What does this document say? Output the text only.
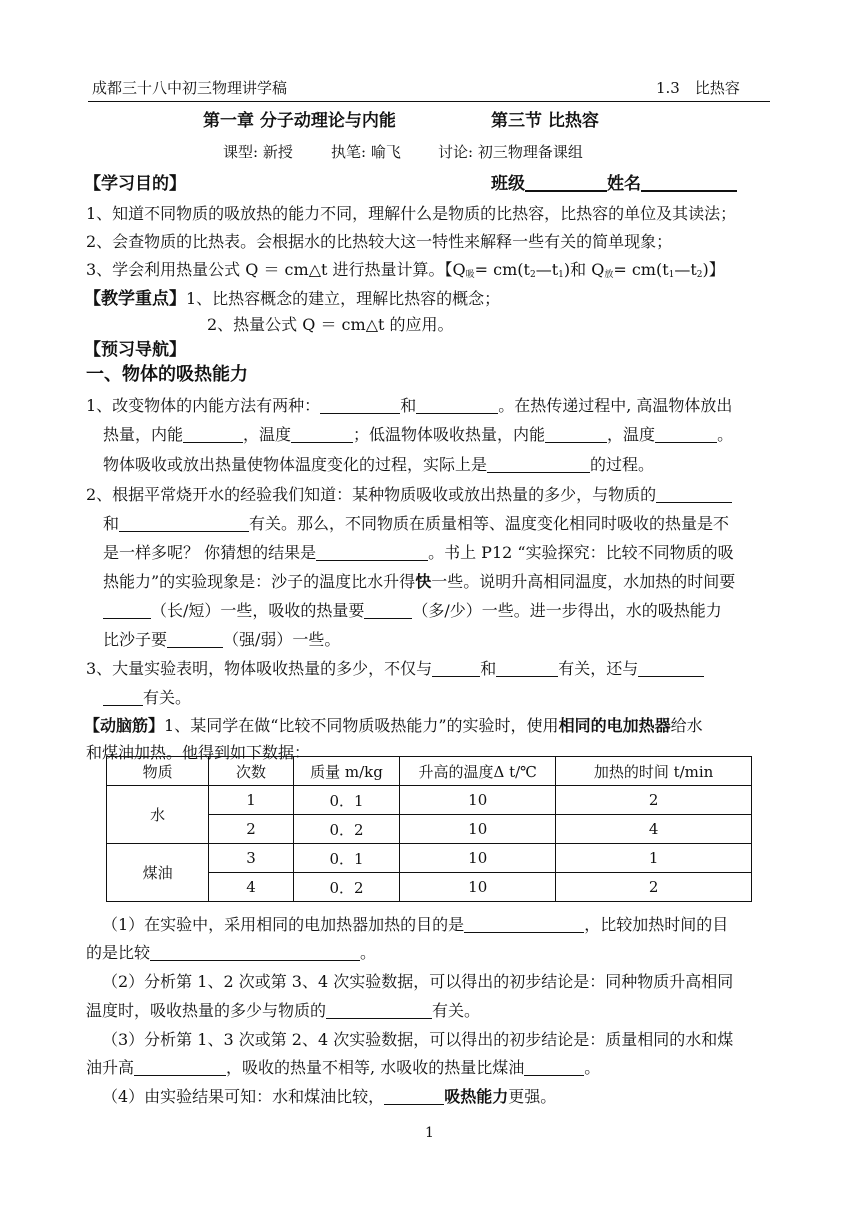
成都三十八中初三物理讲学稿	1.3　比热容
第一章 分子动理论与内能	第三节 比热容
课型: 新授	执笔: 喻飞 讨论: 初三物理备课组
【学习目的】	班级	姓名
1、知道不同物质的吸放热的能力不同，理解什么是物质的比热容，比热容的单位及其读法；
2、会查物质的比热表。会根据水的比热较大这一特性来解释一些有关的简单现象；
3、学会利用热量公式 Q ＝ cm△t 进行热量计算。【$Q_吸=$ $cm(t_2—t_1)$和 $Q_放=$ $cm(t_1—t_2)$】
【教学重点】1、比热容概念的建立，理解比热容的概念；
2、热量公式 Q ＝ cm△t 的应用。
【预习导航】
一、物体的吸热能力
1、改变物体的内能方法有两种：	和	。在热传递过程中, 高温物体放出
热量，内能	，温度	；低温物体吸收热量，内能	，温度	。
物体吸收或放出热量使物体温度变化的过程，实际上是	的过程。
2、根据平常烧开水的经验我们知道：某种物质吸收或放出热量的多少，与物质的
和	有关。那么，不同物质在质量相等、温度变化相同时吸收的热量是不
是一样多呢？ 你猜想的结果是	。书上 P12 “实验探究：比较不同物质的吸
热能力”的实验现象是：沙子的温度比水升得快一些。说明升高相同温度，水加热的时间要
（长/短）一些，吸收的热量要	（多/少）一些。进一步得出，水的吸热能力
比沙子要	（强/弱）一些。
3、大量实验表明，物体吸收热量的多少，不仅与	和	有关，还与
有关。
【动脑筋】1、某同学在做“比较不同物质吸热能力”的实验时，使用相同的电加热器给水
和煤油加热。他得到如下数据：
物质	次数	质量 m/kg	升高的温度Δ t/℃	加热的时间 t/min
水	1	0．1	10	2
	2	0．2	10	4
煤油	3	0．1	10	1
	4	0．2	10	2
（1）在实验中，采用相同的电加热器加热的目的是	，比较加热时间的目
的是比较	。
（2）分析第 1、2 次或第 3、4 次实验数据，可以得出的初步结论是：同种物质升高相同
温度时，吸收热量的多少与物质的	有关。
（3）分析第 1、3 次或第 2、4 次实验数据，可以得出的初步结论是：质量相同的水和煤
油升高	，吸收的热量不相等, 水吸收的热量比煤油	。
（4）由实验结果可知：水和煤油比较，	吸热能力更强。
1
